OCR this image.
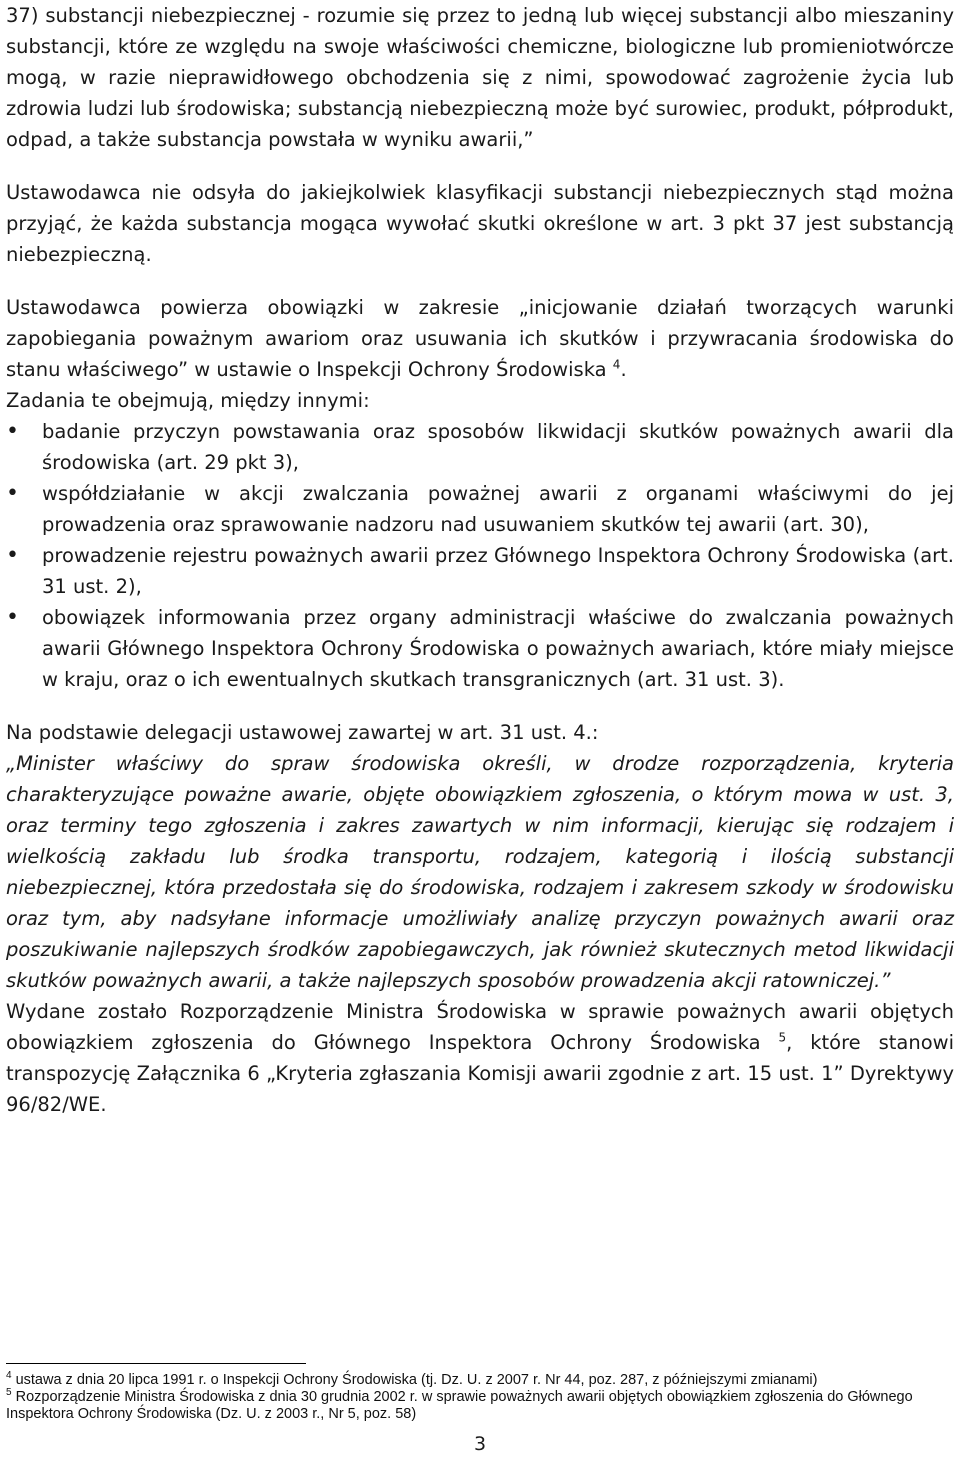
37) substancji niebezpiecznej - rozumie się przez to jedną lub więcej substancji albo mieszaniny substancji, które ze względu na swoje właściwości chemiczne, biologiczne lub promieniotwórcze mogą, w razie nieprawidłowego obchodzenia się z nimi, spowodować zagrożenie życia lub zdrowia ludzi lub środowiska; substancją niebezpieczną może być surowiec, produkt, półprodukt, odpad, a także substancja powstała w wyniku awarii,”

Ustawodawca nie odsyła do jakiejkolwiek klasyfikacji substancji niebezpiecznych stąd można przyjąć, że każda substancja mogąca wywołać skutki określone w art. 3 pkt 37 jest substancją niebezpieczną.

Ustawodawca powierza obowiązki w zakresie „inicjowanie działań tworzących warunki zapobiegania poważnym awariom oraz usuwania ich skutków i przywracania środowiska do stanu właściwego” w ustawie o Inspekcji Ochrony Środowiska $^4$.

Zadania te obejmują, między innymi:

• badanie przyczyn powstawania oraz sposobów likwidacji skutków poważnych awarii dla środowiska (art. 29 pkt 3),
• współdziałanie w akcji zwalczania poważnej awarii z organami właściwymi do jej prowadzenia oraz sprawowanie nadzoru nad usuwaniem skutków tej awarii (art. 30),
• prowadzenie rejestru poważnych awarii przez Głównego Inspektora Ochrony Środowiska (art. 31 ust. 2),
• obowiązek informowania przez organy administracji właściwe do zwalczania poważnych awarii Głównego Inspektora Ochrony Środowiska o poważnych awariach, które miały miejsce w kraju, oraz o ich ewentualnych skutkach transgranicznych (art. 31 ust. 3).

Na podstawie delegacji ustawowej zawartej w art. 31 ust. 4.:

„Minister właściwy do spraw środowiska określi, w drodze rozporządzenia, kryteria charakteryzujące poważne awarie, objęte obowiązkiem zgłoszenia, o którym mowa w ust. 3, oraz terminy tego zgłoszenia i zakres zawartych w nim informacji, kierując się rodzajem i wielkością zakładu lub środka transportu, rodzajem, kategorią i ilością substancji niebezpiecznej, która przedostała się do środowiska, rodzajem i zakresem szkody w środowisku oraz tym, aby nadsyłane informacje umożliwiały analizę przyczyn poważnych awarii oraz poszukiwanie najlepszych środków zapobiegawczych, jak również skutecznych metod likwidacji skutków poważnych awarii, a także najlepszych sposobów prowadzenia akcji ratowniczej.”

Wydane zostało Rozporządzenie Ministra Środowiska w sprawie poważnych awarii objętych obowiązkiem zgłoszenia do Głównego Inspektora Ochrony Środowiska $^5$, które stanowi transpozycję Załącznika 6 „Kryteria zgłaszania Komisji awarii zgodnie z art. 15 ust. 1” Dyrektywy 96/82/WE.

$^4$ ustawa z dnia 20 lipca 1991 r. o Inspekcji Ochrony Środowiska (tj. Dz. U. z 2007 r. Nr 44, poz. 287, z późniejszymi zmianami)

$^5$ Rozporządzenie Ministra Środowiska z dnia 30 grudnia 2002 r. w sprawie poważnych awarii objętych obowiązkiem zgłoszenia do Głównego Inspektora Ochrony Środowiska (Dz. U. z 2003 r., Nr 5, poz. 58)

3
